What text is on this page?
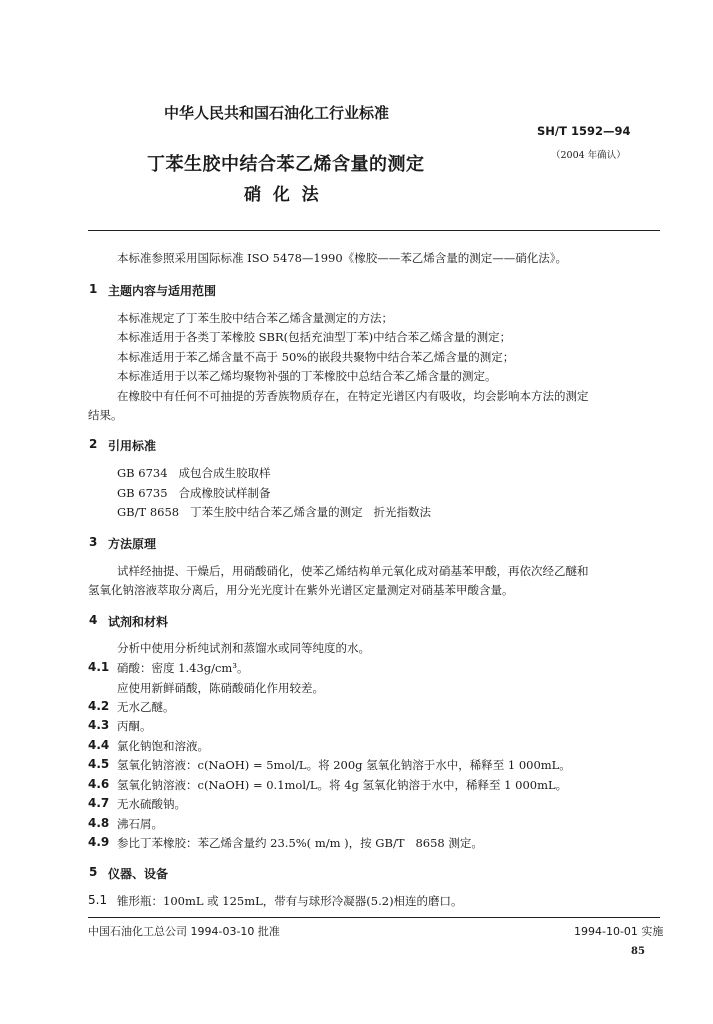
中华人民共和国石油化工行业标准
SH/T 1592—94
（2004 年确认）
丁苯生胶中结合苯乙烯含量的测定
硝  化  法
本标准参照采用国际标准 ISO 5478—1990《橡胶——苯乙烯含量的测定——硝化法》。
1 主题内容与适用范围
本标准规定了丁苯生胶中结合苯乙烯含量测定的方法；
本标准适用于各类丁苯橡胶 SBR(包括充油型丁苯)中结合苯乙烯含量的测定；
本标准适用于苯乙烯含量不高于 50%的嵌段共聚物中结合苯乙烯含量的测定；
本标准适用于以苯乙烯均聚物补强的丁苯橡胶中总结合苯乙烯含量的测定。
在橡胶中有任何不可抽提的芳香族物质存在，在特定光谱区内有吸收，均会影响本方法的测定
结果。
2 引用标准
GB 6734   成包合成生胶取样
GB 6735   合成橡胶试样制备
GB/T 8658   丁苯生胶中结合苯乙烯含量的测定   折光指数法
3 方法原理
试样经抽提、干燥后，用硝酸硝化，使苯乙烯结构单元氧化成对硝基苯甲酸，再依次经乙醚和
氢氧化钠溶液萃取分离后，用分光光度计在紫外光谱区定量测定对硝基苯甲酸含量。
4 试剂和材料
分析中使用分析纯试剂和蒸馏水或同等纯度的水。
4.1 硝酸：密度 1.43g/cm³。
应使用新鲜硝酸，陈硝酸硝化作用较差。
4.2 无水乙醚。
4.3 丙酮。
4.4 氯化钠饱和溶液。
4.5 氢氧化钠溶液：c(NaOH) = 5mol/L。将 200g 氢氧化钠溶于水中，稀释至 1 000mL。
4.6 氢氧化钠溶液：c(NaOH) = 0.1mol/L。将 4g 氢氧化钠溶于水中，稀释至 1 000mL。
4.7 无水硫酸钠。
4.8 沸石屑。
4.9 参比丁苯橡胶：苯乙烯含量约 23.5%( m/m )，按 GB/T   8658 测定。
5 仪器、设备
5.1 锥形瓶：100mL 或 125mL，带有与球形冷凝器(5.2)相连的磨口。
中国石油化工总公司 1994-03-10 批准	1994-10-01 实施
85
